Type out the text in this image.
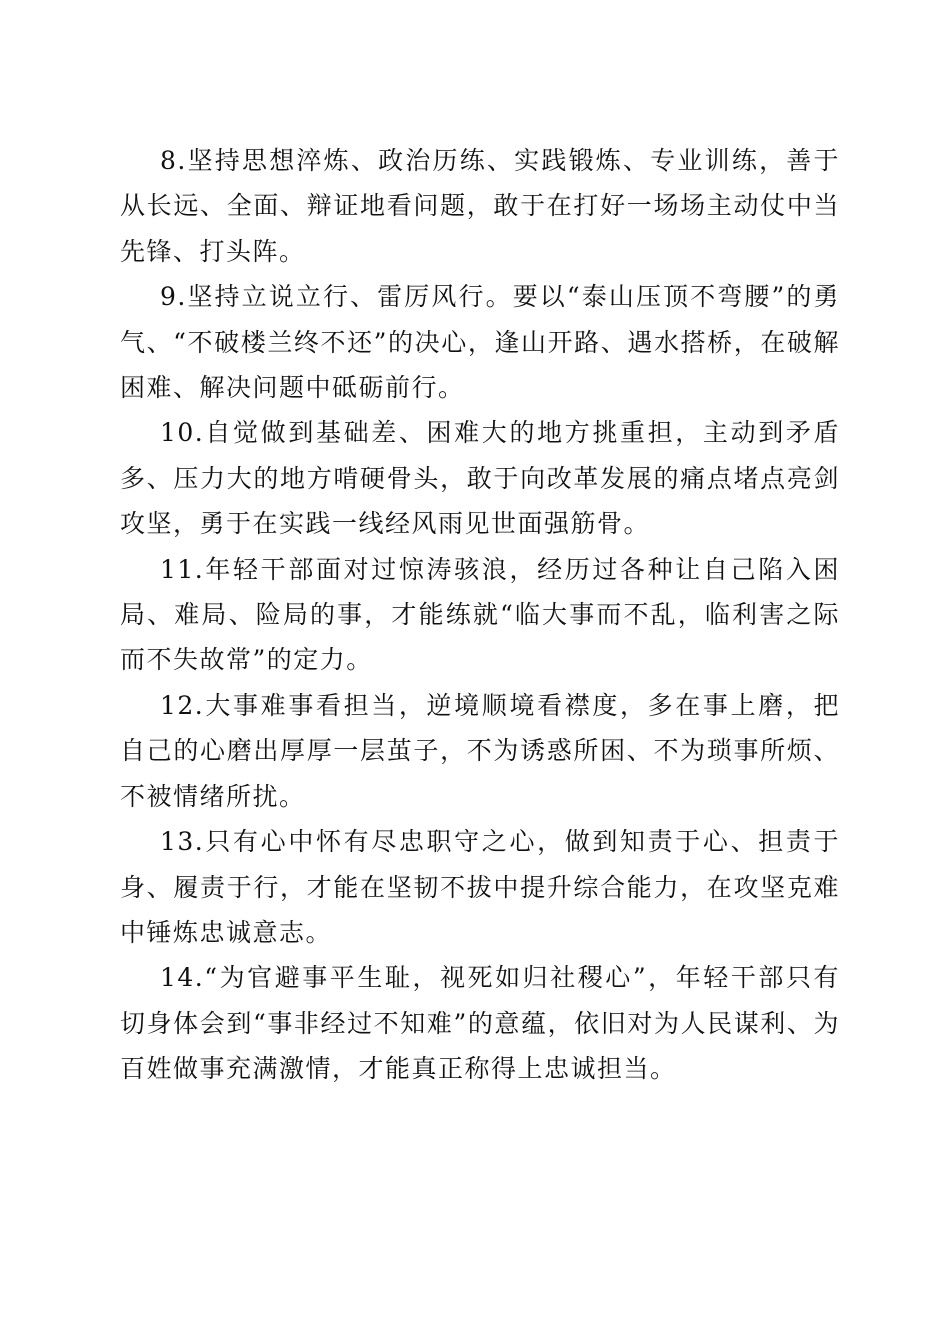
8.坚持思想淬炼、政治历练、实践锻炼、专业训练，善于从长远、全面、辩证地看问题，敢于在打好一场场主动仗中当先锋、打头阵。

9.坚持立说立行、雷厉风行。要以“泰山压顶不弯腰”的勇气、“不破楼兰终不还”的决心，逢山开路、遇水搭桥，在破解困难、解决问题中砥砺前行。

10.自觉做到基础差、困难大的地方挑重担，主动到矛盾多、压力大的地方啃硬骨头，敢于向改革发展的痛点堵点亮剑攻坚，勇于在实践一线经风雨见世面强筋骨。

11.年轻干部面对过惊涛骇浪，经历过各种让自己陷入困局、难局、险局的事，才能练就“临大事而不乱，临利害之际而不失故常”的定力。

12.大事难事看担当，逆境顺境看襟度，多在事上磨，把自己的心磨出厚厚一层茧子，不为诱惑所困、不为琐事所烦、不被情绪所扰。

13.只有心中怀有尽忠职守之心，做到知责于心、担责于身、履责于行，才能在坚韧不拔中提升综合能力，在攻坚克难中锤炼忠诚意志。

14.“为官避事平生耻，视死如归社稷心”，年轻干部只有切身体会到“事非经过不知难”的意蕴，依旧对为人民谋利、为百姓做事充满激情，才能真正称得上忠诚担当。
